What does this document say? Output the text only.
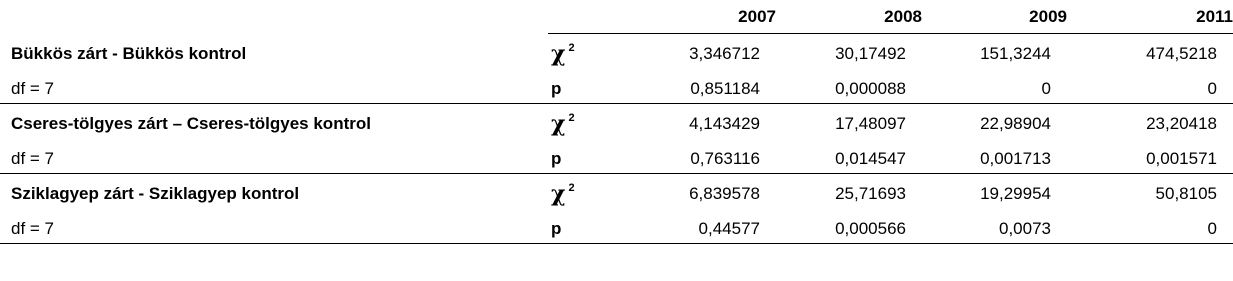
		2007	2008	2009	2011
Bükkös zárt - Bükkös kontrol	χ $^2$	3,346712	30,17492	151,3244	474,5218
df = 7	p	0,851184	0,000088	0	0
Cseres-tölgyes zárt – Cseres-tölgyes kontrol	χ $^2$	4,143429	17,48097	22,98904	23,20418
df = 7	p	0,763116	0,014547	0,001713	0,001571
Sziklagyep zárt - Sziklagyep kontrol	χ $^2$	6,839578	25,71693	19,29954	50,8105
df = 7	p	0,44577	0,000566	0,0073	0
